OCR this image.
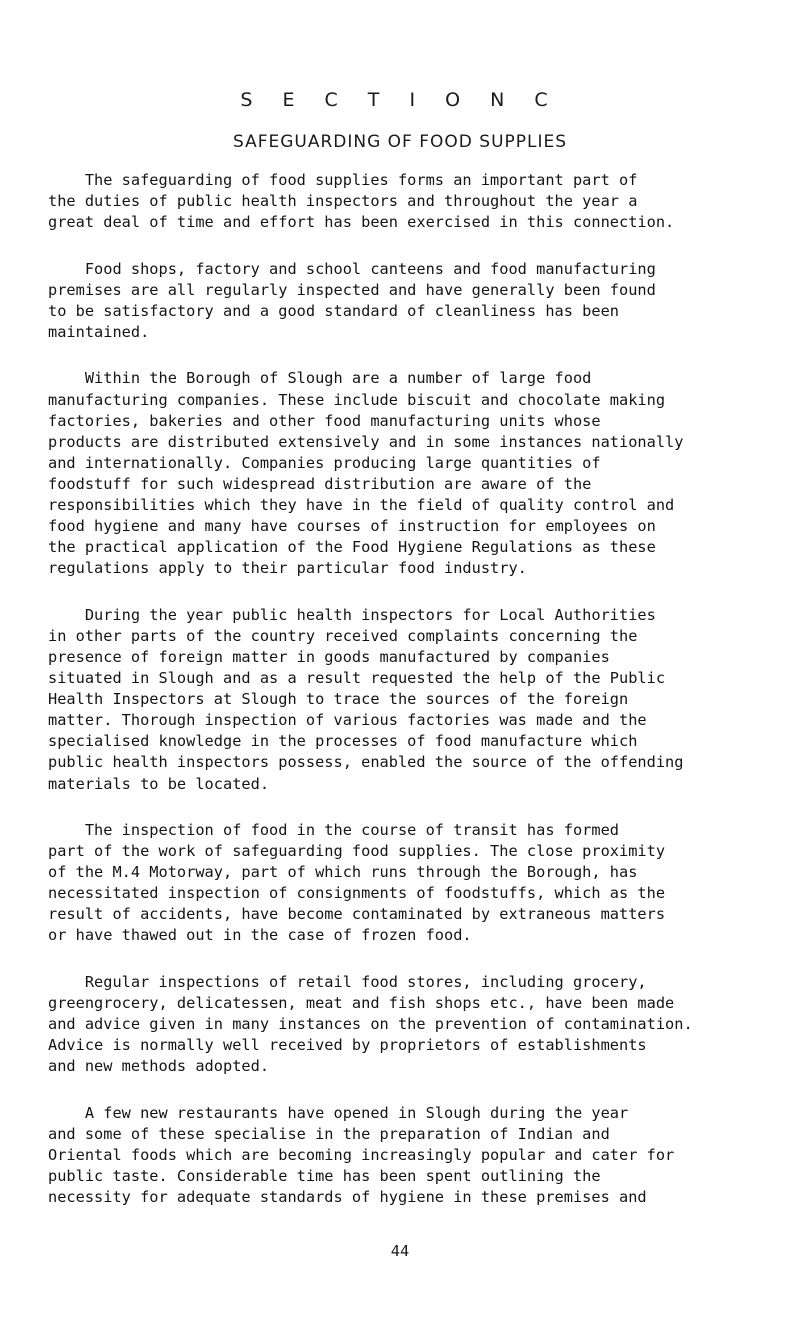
S E C T I O N C
SAFEGUARDING OF FOOD SUPPLIES

The safeguarding of food supplies forms an important part of
the duties of public health inspectors and throughout the year a
great deal of time and effort has been exercised in this connection.

Food shops, factory and school canteens and food manufacturing
premises are all regularly inspected and have generally been found
to be satisfactory and a good standard of cleanliness has been
maintained.

Within the Borough of Slough are a number of large food
manufacturing companies. These include biscuit and chocolate making
factories, bakeries and other food manufacturing units whose
products are distributed extensively and in some instances nationally
and internationally. Companies producing large quantities of
foodstuff for such widespread distribution are aware of the
responsibilities which they have in the field of quality control and
food hygiene and many have courses of instruction for employees on
the practical application of the Food Hygiene Regulations as these
regulations apply to their particular food industry.

During the year public health inspectors for Local Authorities
in other parts of the country received complaints concerning the
presence of foreign matter in goods manufactured by companies
situated in Slough and as a result requested the help of the Public
Health Inspectors at Slough to trace the sources of the foreign
matter. Thorough inspection of various factories was made and the
specialised knowledge in the processes of food manufacture which
public health inspectors possess, enabled the source of the offending
materials to be located.

The inspection of food in the course of transit has formed
part of the work of safeguarding food supplies. The close proximity
of the M.4 Motorway, part of which runs through the Borough, has
necessitated inspection of consignments of foodstuffs, which as the
result of accidents, have become contaminated by extraneous matters
or have thawed out in the case of frozen food.

Regular inspections of retail food stores, including grocery,
greengrocery, delicatessen, meat and fish shops etc., have been made
and advice given in many instances on the prevention of contamination.
Advice is normally well received by proprietors of establishments
and new methods adopted.

A few new restaurants have opened in Slough during the year
and some of these specialise in the preparation of Indian and
Oriental foods which are becoming increasingly popular and cater for
public taste. Considerable time has been spent outlining the
necessity for adequate standards of hygiene in these premises and

44
